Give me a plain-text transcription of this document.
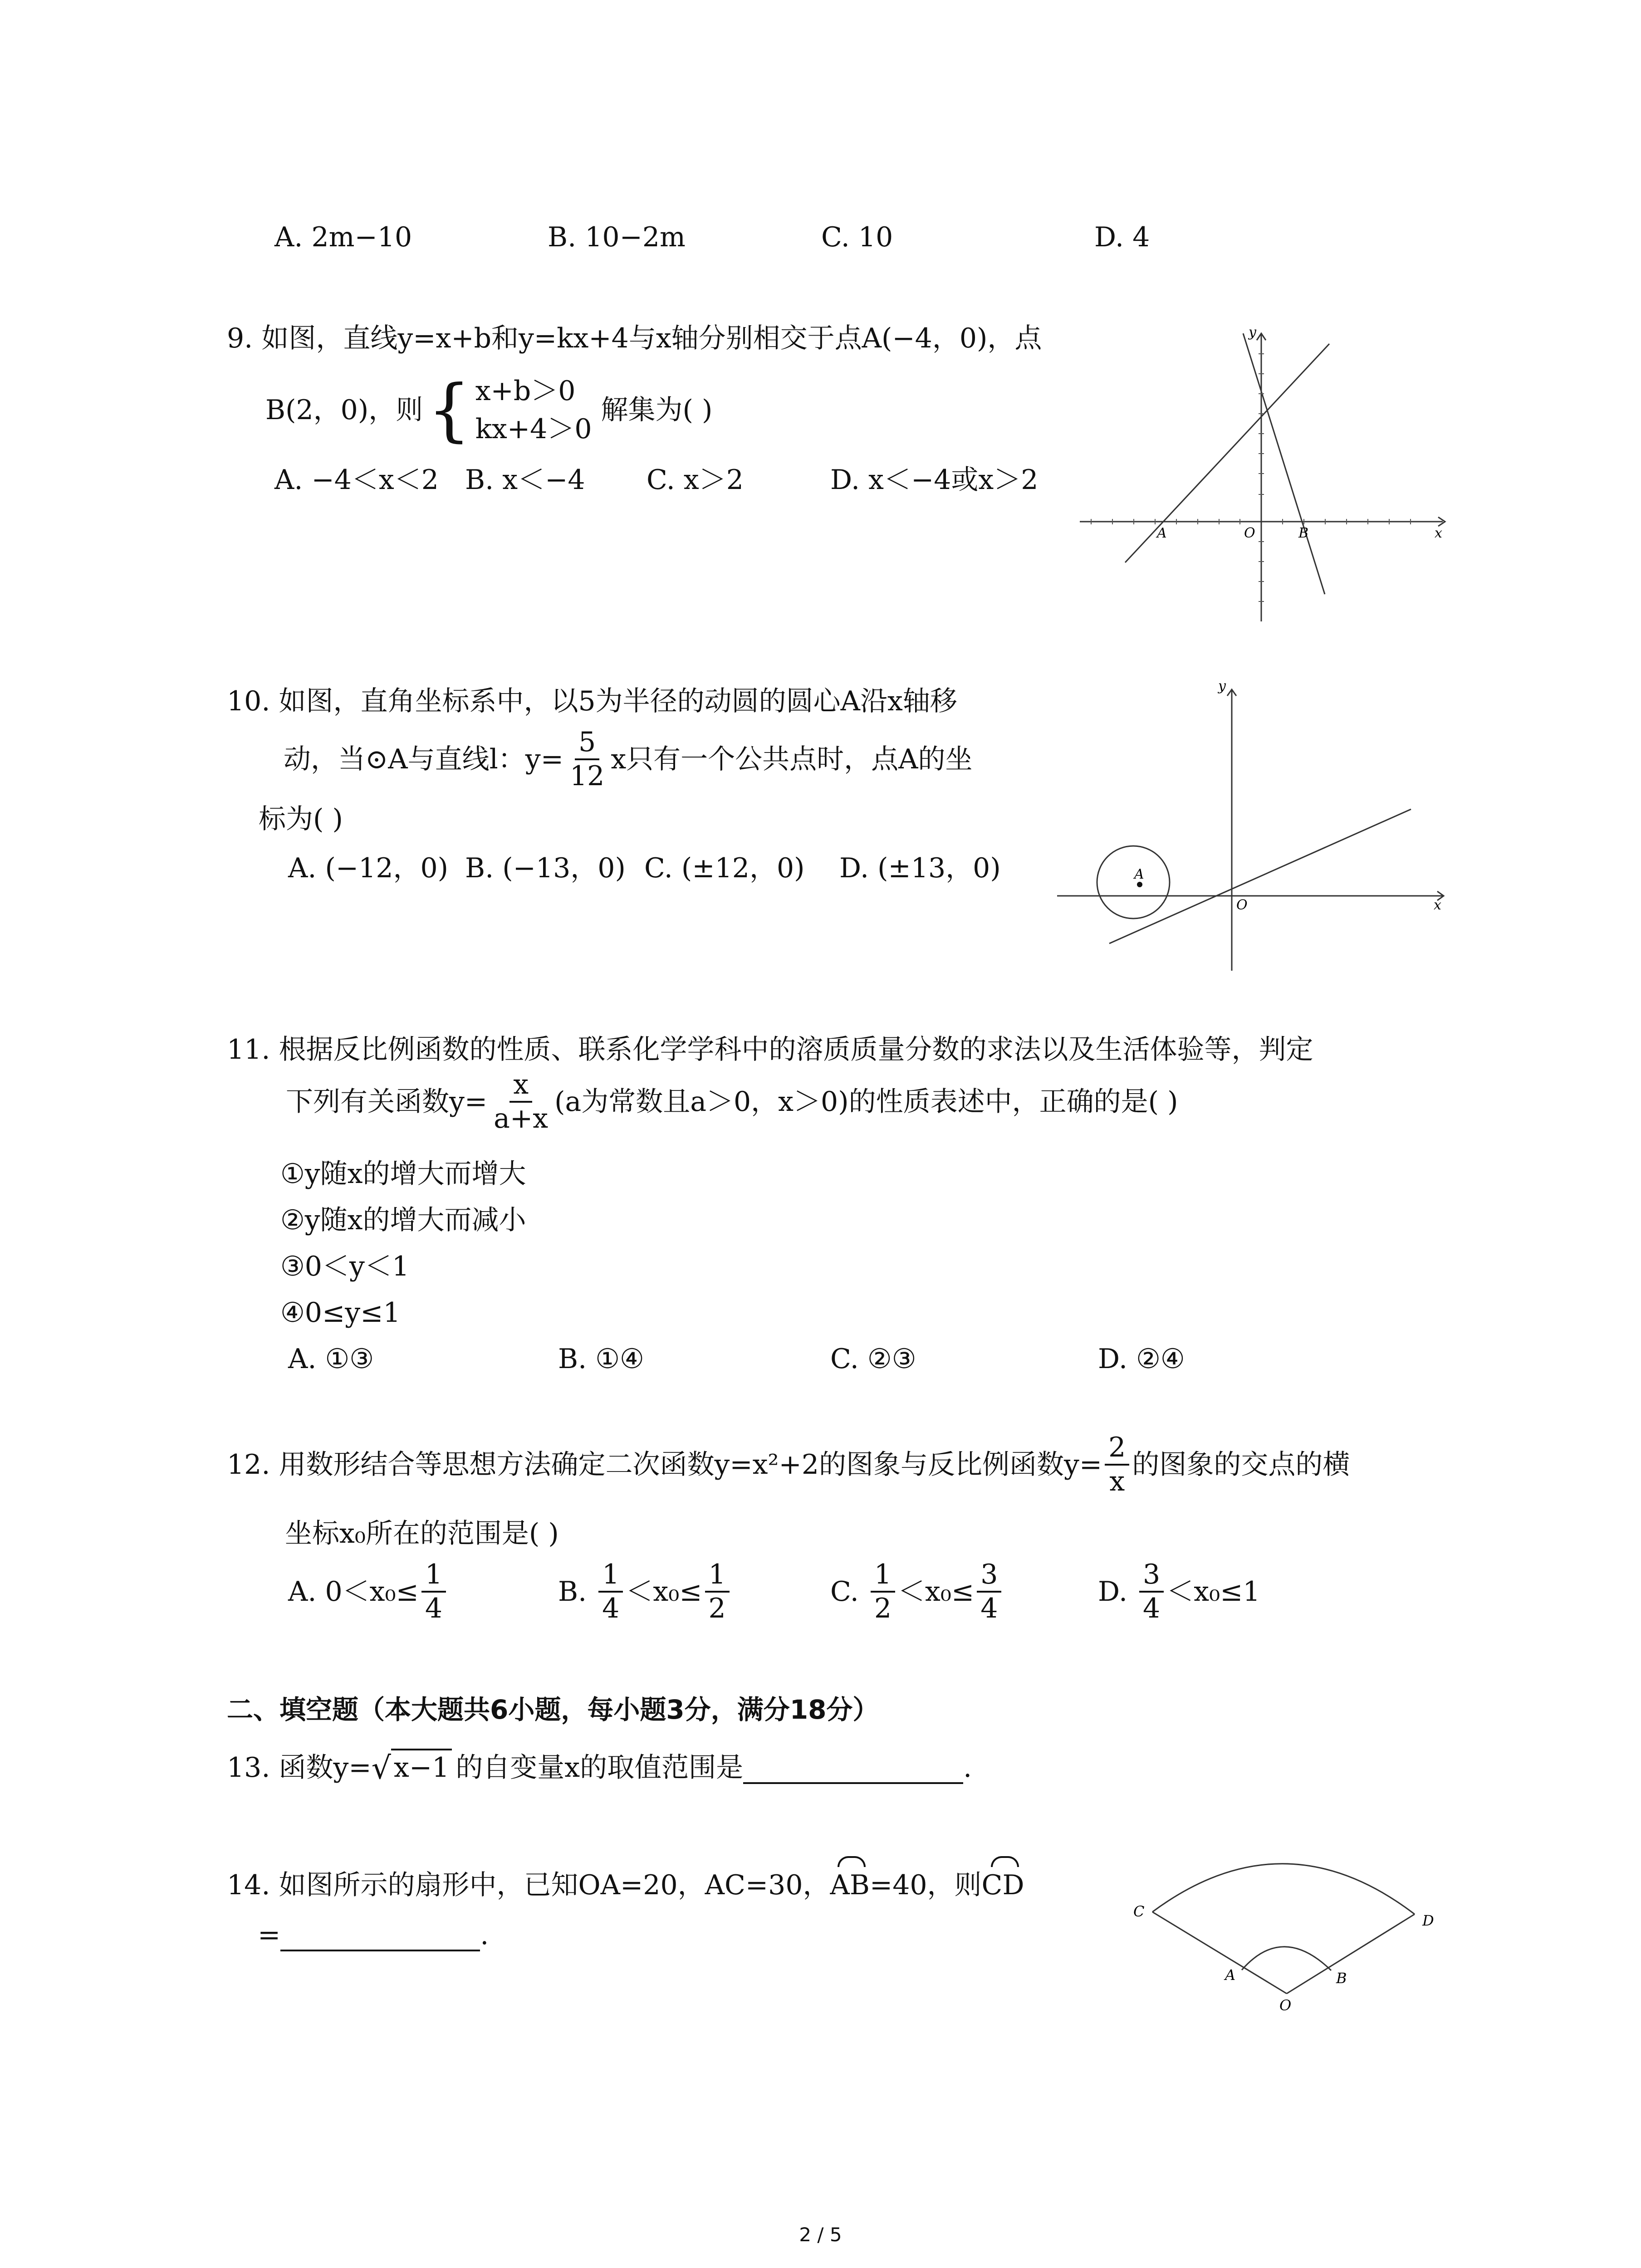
A. 2m−10	B. 10−2m	C. 10	D. 4
9. 如图，直线y=x+b和y=kx+4与x轴分别相交于点A(−4，0)，点
B(2，0)，则 { x+b＞0
kx+4＞0
解集为( )
A. −4＜x＜2 B. x＜−4 C. x＞2	D. x＜−4或x＞2
y
x
O
A	B
10. 如图，直角坐标系中，以5为半径的动圆的圆心A沿x轴移
动，当⊙A与直线l：$y= \frac{5}{12}$ x只有一个公共点时，点A的坐
标为( )
A. (−12，0) B. (−13，0) C. (±12，0) D. (±13，0)
y
x
O
A
11. 根据反比例函数的性质、联系化学学科中的溶质质量分数的求法以及生活体验等，判定
下列有关函数$y= \frac{x}{a+x} (a$为常数且a＞0，x＞0)的性质表述中，正确的是( )
①y随x的增大而增大
②y随x的增大而减小
③0＜y＜1
④0≤y≤1
A. ①③	B. ①④	C. ②③	D. ②④
12. 用数形结合等思想方法确定二次函数y=x²+2的图象与反比例函数$y= \frac{2}{x}$ 的图象的交点的横
坐标x₀所在的范围是( )
A. $0<x_0\le \frac{1}{4}$	B. $\frac{1}{4} <x_0\le \frac{1}{2}$	C. $\frac{1}{2} <x_0\le \frac{3}{4}$	D. $\frac{3}{4} <x_0\le 1$
二、填空题（本大题共6小题，每小题3分，满分18分）
13. 函数y= √ x−1 的自变量x的取值范围是	.
14. 如图所示的扇形中，已知OA=20，AC=30， AB =40，则 CD
=	.
C
D
A	B
O
2 / 5
